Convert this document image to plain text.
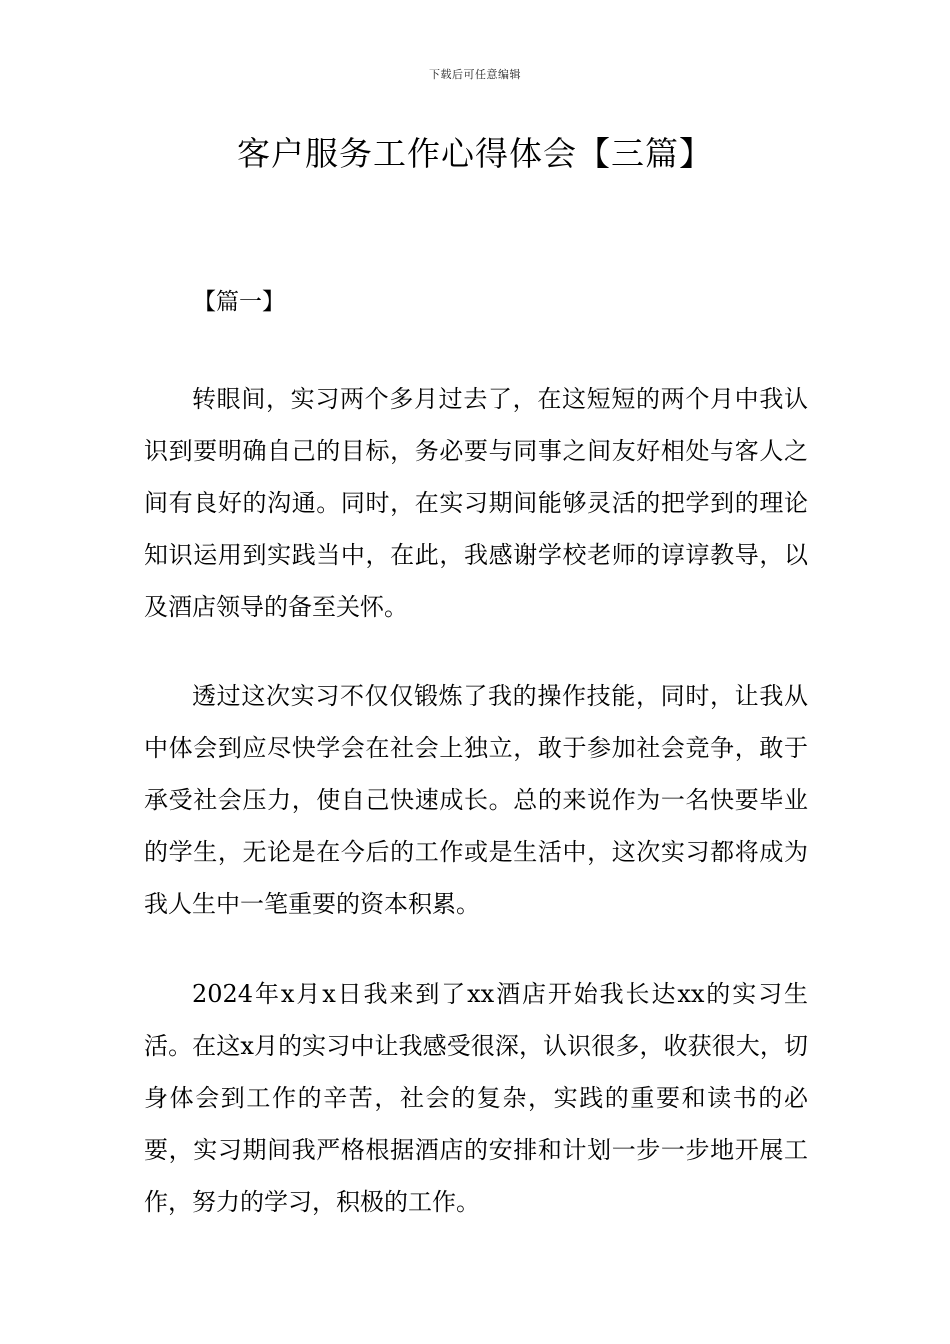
下载后可任意编辑
客户服务工作心得体会【三篇】
【篇一】

转眼间，实习两个多月过去了，在这短短的两个月中我认识到要明确自己的目标，务必要与同事之间友好相处与客人之间有良好的沟通。同时，在实习期间能够灵活的把学到的理论知识运用到实践当中，在此，我感谢学校老师的谆谆教导，以及酒店领导的备至关怀。

透过这次实习不仅仅锻炼了我的操作技能，同时，让我从中体会到应尽快学会在社会上独立，敢于参加社会竞争，敢于承受社会压力，使自己快速成长。总的来说作为一名快要毕业的学生，无论是在今后的工作或是生活中，这次实习都将成为我人生中一笔重要的资本积累。

2024年x月x日我来到了xx酒店开始我长达xx的实习生活。在这x月的实习中让我感受很深，认识很多，收获很大，切身体会到工作的辛苦，社会的复杂，实践的重要和读书的必要，实习期间我严格根据酒店的安排和计划一步一步地开展工作，努力的学习，积极的工作。
